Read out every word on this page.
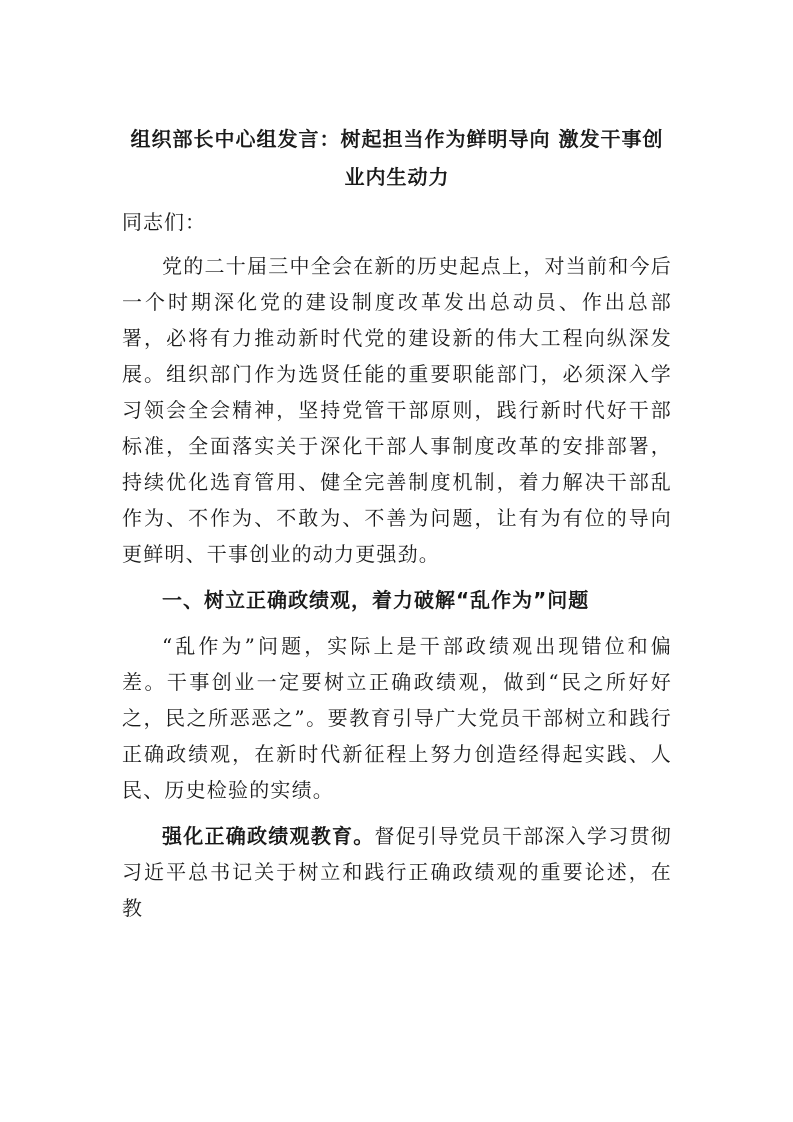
组织部长中心组发言：树起担当作为鲜明导向 激发干事创业内生动力

同志们：

党的二十届三中全会在新的历史起点上，对当前和今后一个时期深化党的建设制度改革发出总动员、作出总部署，必将有力推动新时代党的建设新的伟大工程向纵深发展。组织部门作为选贤任能的重要职能部门，必须深入学习领会全会精神，坚持党管干部原则，践行新时代好干部标准，全面落实关于深化干部人事制度改革的安排部署，持续优化选育管用、健全完善制度机制，着力解决干部乱作为、不作为、不敢为、不善为问题，让有为有位的导向更鲜明、干事创业的动力更强劲。

一、树立正确政绩观，着力破解“乱作为”问题

“乱作为”问题，实际上是干部政绩观出现错位和偏差。干事创业一定要树立正确政绩观，做到“民之所好好之，民之所恶恶之”。要教育引导广大党员干部树立和践行正确政绩观，在新时代新征程上努力创造经得起实践、人民、历史检验的实绩。

强化正确政绩观教育。督促引导党员干部深入学习贯彻习近平总书记关于树立和践行正确政绩观的重要论述，在教
